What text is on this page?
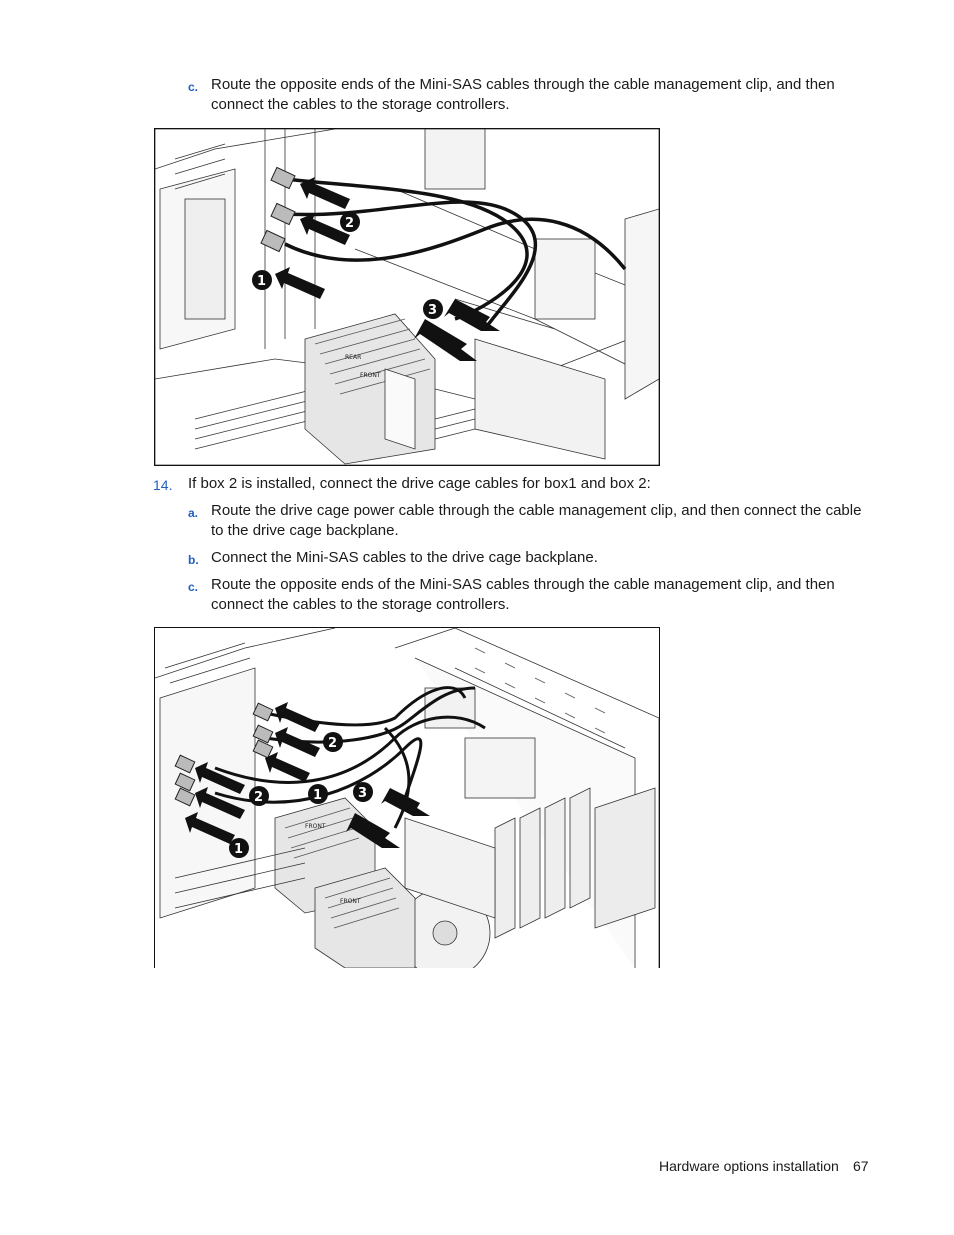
c. Route the opposite ends of the Mini-SAS cables through the cable management clip, and then
connect the cables to the storage controllers.
REAR
FRONT
2
1
3
14. If box 2 is installed, connect the drive cage cables for box1 and box 2:
a. Route the drive cage power cable through the cable management clip, and then connect the cable
to the drive cage backplane.
b. Connect the Mini-SAS cables to the drive cage backplane.
c. Route the opposite ends of the Mini-SAS cables through the cable management clip, and then
connect the cables to the storage controllers.
FRONT
FRONT
2
2	1	3
1
Hardware options installation 67
